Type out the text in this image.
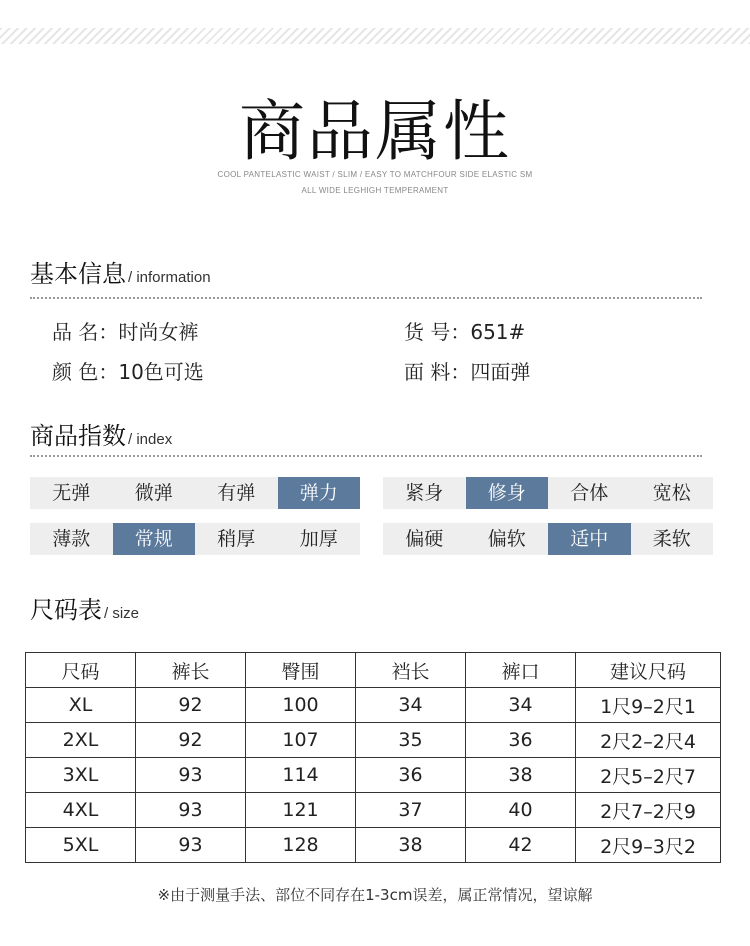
商品属性
COOL PANTELASTIC WAIST / SLIM / EASY TO MATCHFOUR SIDE ELASTIC SM
ALL WIDE LEGHIGH TEMPERAMENT
基本信息 / information
品 名：时尚女裤	货 号：651#
颜 色：10色可选	面 料：四面弹
商品指数 / index
无弹	微弹	有弹	弹力	紧身	修身	合体	宽松
薄款	常规	稍厚	加厚	偏硬	偏软	适中	柔软
尺码表 / size
尺码	裤长	臀围	裆长	裤口	建议尺码
XL	92	100	34	34	1尺9–2尺1
2XL	92	107	35	36	2尺2–2尺4
3XL	93	114	36	38	2尺5–2尺7
4XL	93	121	37	40	2尺7–2尺9
5XL	93	128	38	42	2尺9–3尺2
※由于测量手法、部位不同存在1-3cm误差，属正常情况，望谅解
